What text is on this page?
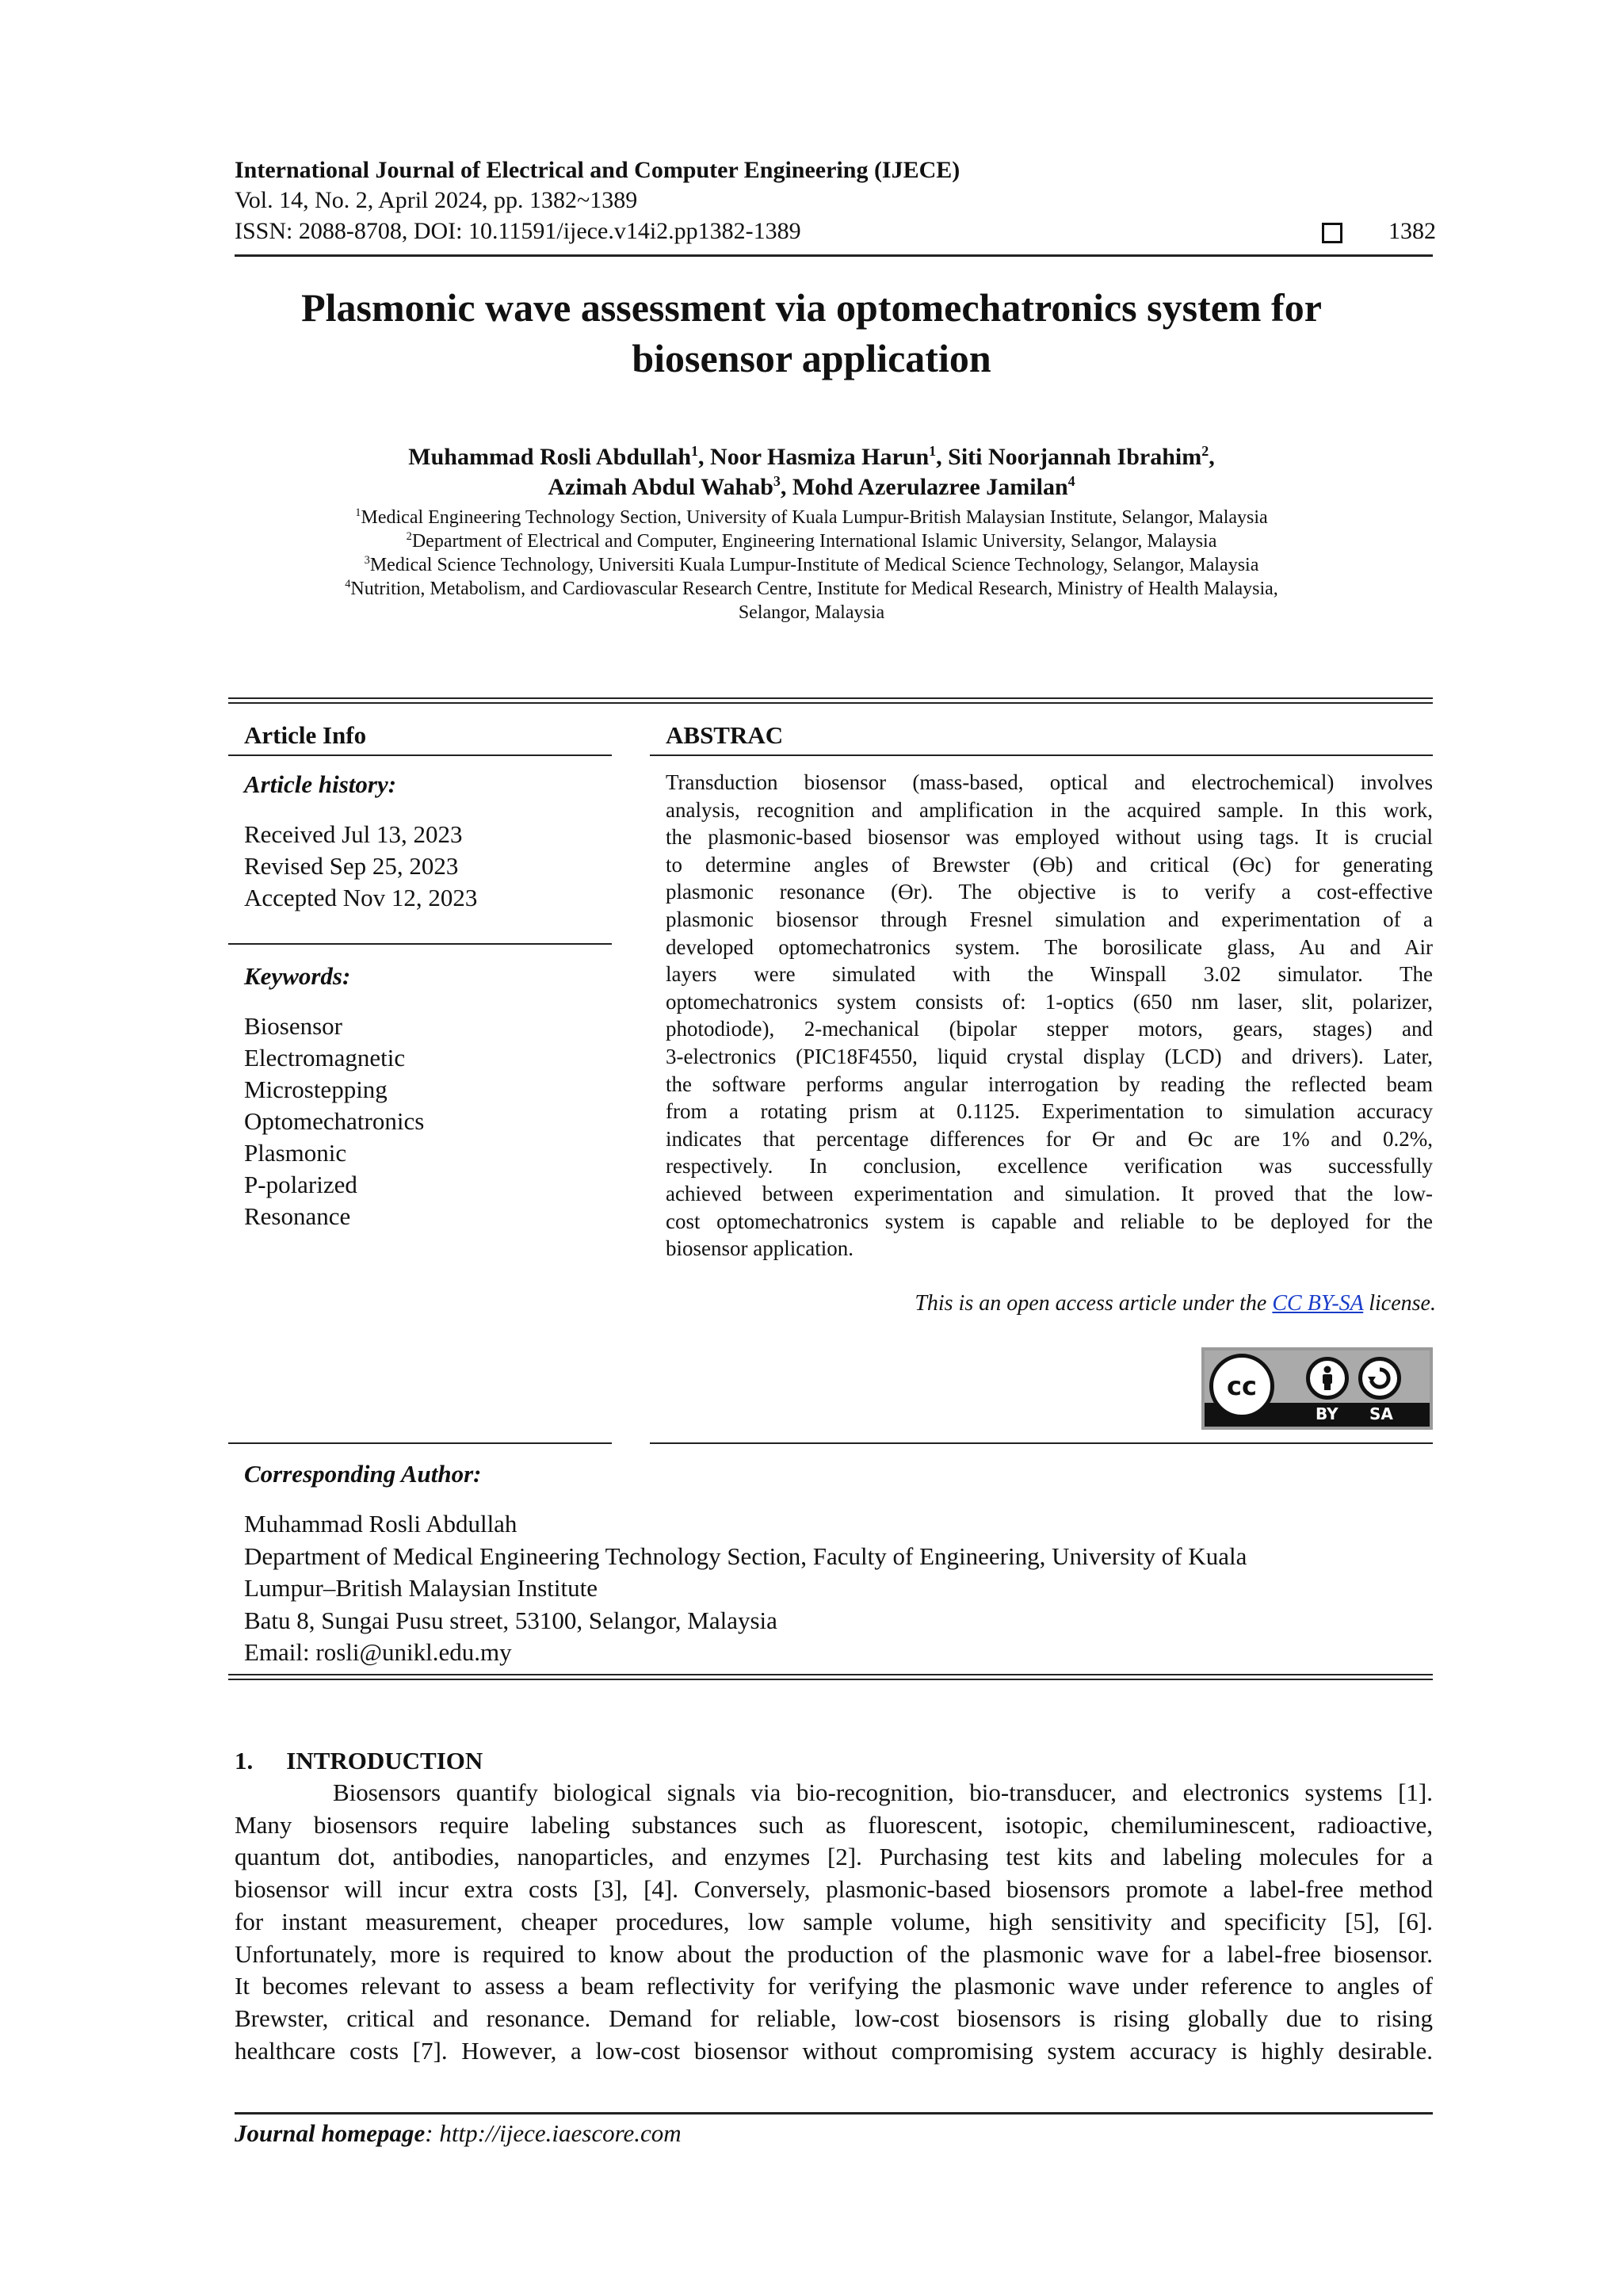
International Journal of Electrical and Computer Engineering (IJECE)
Vol. 14, No. 2, April 2024, pp. 1382~1389
ISSN: 2088-8708, DOI: 10.11591/ijece.v14i2.pp1382-1389	1382
Plasmonic wave assessment via optomechatronics system for
biosensor application
Muhammad Rosli Abdullah$^1$, Noor Hasmiza Harun$^1$, Siti Noorjannah Ibrahim$^2$,
Azimah Abdul Wahab$^3$, Mohd Azerulazree Jamilan$^4$
$^1$Medical Engineering Technology Section, University of Kuala Lumpur-British Malaysian Institute, Selangor, Malaysia
$^2$Department of Electrical and Computer, Engineering International Islamic University, Selangor, Malaysia
$^3$Medical Science Technology, Universiti Kuala Lumpur-Institute of Medical Science Technology, Selangor, Malaysia
$^4$Nutrition, Metabolism, and Cardiovascular Research Centre, Institute for Medical Research, Ministry of Health Malaysia,
Selangor, Malaysia
Article Info
Article history:
Received Jul 13, 2023
Revised Sep 25, 2023
Accepted Nov 12, 2023
Keywords:
Biosensor
Electromagnetic
Microstepping
Optomechatronics
Plasmonic
P-polarized
Resonance
ABSTRAC
Transduction biosensor (mass-based, optical and electrochemical) involves
analysis, recognition and amplification in the acquired sample. In this work,
the plasmonic-based biosensor was employed without using tags. It is crucial
to determine angles of Brewster (ϴb) and critical (ϴc) for generating
plasmonic resonance (ϴr). The objective is to verify a cost-effective
plasmonic biosensor through Fresnel simulation and experimentation of a
developed optomechatronics system. The borosilicate glass, Au and Air
layers were simulated with the Winspall 3.02 simulator. The
optomechatronics system consists of: 1-optics (650 nm laser, slit, polarizer,
photodiode), 2-mechanical (bipolar stepper motors, gears, stages) and
3-electronics (PIC18F4550, liquid crystal display (LCD) and drivers). Later,
the software performs angular interrogation by reading the reflected beam
from a rotating prism at 0.1125. Experimentation to simulation accuracy
indicates that percentage differences for ϴr and ϴc are 1% and 0.2%,
respectively. In conclusion, excellence verification was successfully
achieved between experimentation and simulation. It proved that the low-
cost optomechatronics system is capable and reliable to be deployed for the
biosensor application.
This is an open access article under the CC BY-SA license.
cc
BY SA
Corresponding Author:
Muhammad Rosli Abdullah
Department of Medical Engineering Technology Section, Faculty of Engineering, University of Kuala
Lumpur–British Malaysian Institute
Batu 8, Sungai Pusu street, 53100, Selangor, Malaysia
Email: rosli@unikl.edu.my
1. INTRODUCTION
Biosensors quantify biological signals via bio-recognition, bio-transducer, and electronics systems [1].
Many biosensors require labeling substances such as fluorescent, isotopic, chemiluminescent, radioactive,
quantum dot, antibodies, nanoparticles, and enzymes [2]. Purchasing test kits and labeling molecules for a
biosensor will incur extra costs [3], [4]. Conversely, plasmonic-based biosensors promote a label-free method
for instant measurement, cheaper procedures, low sample volume, high sensitivity and specificity [5], [6].
Unfortunately, more is required to know about the production of the plasmonic wave for a label-free biosensor.
It becomes relevant to assess a beam reflectivity for verifying the plasmonic wave under reference to angles of
Brewster, critical and resonance. Demand for reliable, low-cost biosensors is rising globally due to rising
healthcare costs [7]. However, a low-cost biosensor without compromising system accuracy is highly desirable.
Journal homepage: http://ijece.iaescore.com
